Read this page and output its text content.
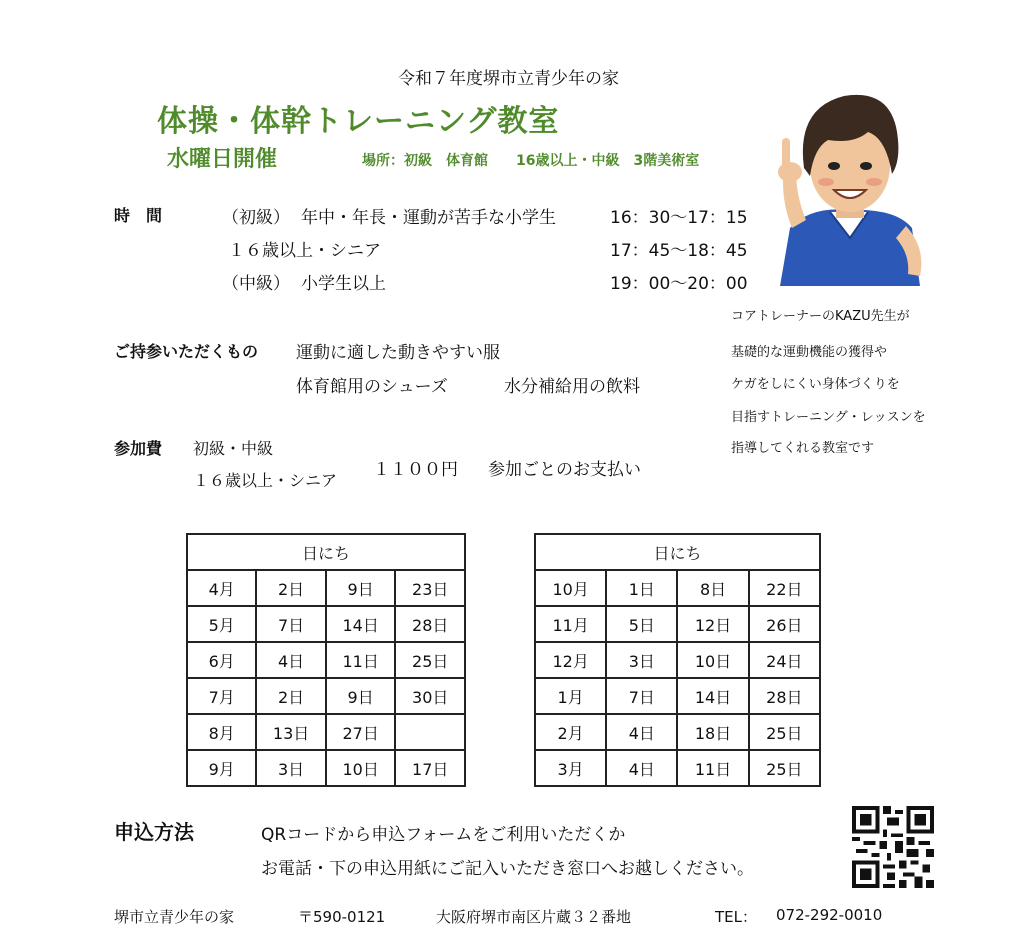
令和７年度堺市立青少年の家
体操・体幹トレーニング教室
水曜日開催	場所：初級　体育館　　16歳以上・中級　3階美術室
時　間	（初級） 年中・年長・運動が苦手な小学生	16：30〜17：15
１６歳以上・シニア	17：45〜18：45
（中級） 小学生以上	19：00〜20：00
ご持参いただくもの 運動に適した動きやすい服
体育館用のシューズ	水分補給用の飲料
参加費 初級・中級
１６歳以上・シニア
１１００円 参加ごとのお支払い
コアトレーナーのKAZU先生が
基礎的な運動機能の獲得や
ケガをしにくい身体づくりを
目指すトレーニング・レッスンを
指導してくれる教室です
日にち			
4月	2日	9日	23日
5月	7日	14日	28日
6月	4日	11日	25日
7月	2日	9日	30日
8月	13日	27日	
9月	3日	10日	17日
日にち			
10月	1日	8日	22日
11月	5日	12日	26日
12月	3日	10日	24日
1月	7日	14日	28日
2月	4日	18日	25日
3月	4日	11日	25日
申込方法	QRコードから申込フォームをご利用いただくか
お電話・下の申込用紙にご記入いただき窓口へお越しください。
堺市立青少年の家	〒590-0121	大阪府堺市南区片蔵３２番地	TEL： 072-292-0010
